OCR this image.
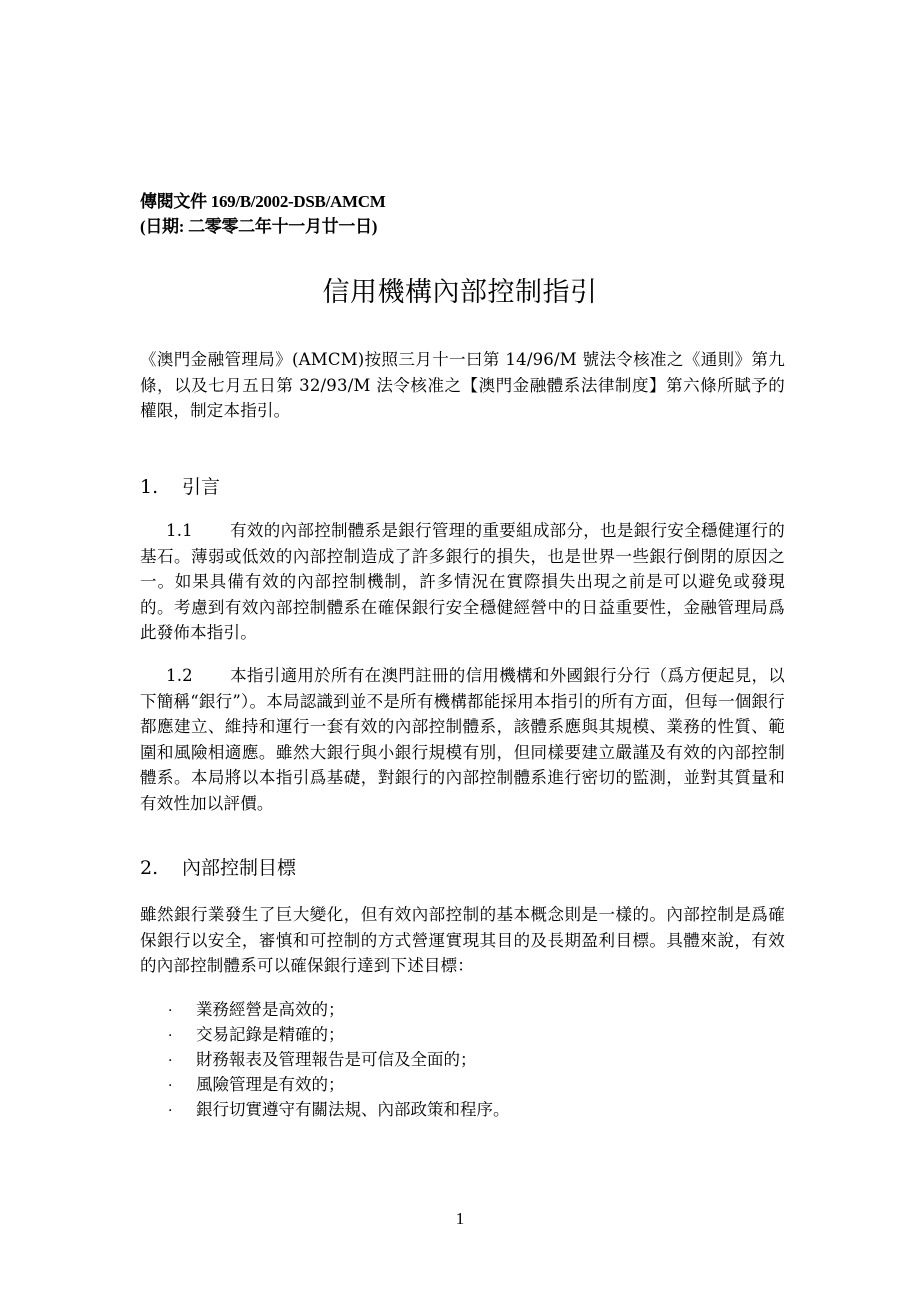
傳閱文件 169/B/2002-DSB/AMCM
(日期: 二零零二年十一月廿一日)
信用機構內部控制指引
《澳門金融管理局》(AMCM)按照三月十一曰第 14/96/M 號法令核准之《通則》第九條，以及七月五日第 32/93/M 法令核准之【澳門金融體系法律制度】第六條所賦予的權限，制定本指引。
1. 引言
1.1 有效的內部控制體系是銀行管理的重要組成部分，也是銀行安全穩健運行的基石。薄弱或低效的內部控制造成了許多銀行的損失，也是世界一些銀行倒閉的原因之一。如果具備有效的內部控制機制，許多情況在實際損失出現之前是可以避免或發現的。考慮到有效內部控制體系在確保銀行安全穩健經營中的日益重要性，金融管理局爲此發佈本指引。
1.2 本指引適用於所有在澳門註冊的信用機構和外國銀行分行（爲方便起見，以下簡稱“銀行”）。本局認識到並不是所有機構都能採用本指引的所有方面，但每一個銀行都應建立、維持和運行一套有效的內部控制體系，該體系應與其規模、業務的性質、範圍和風險相適應。雖然大銀行與小銀行規模有別，但同樣要建立嚴謹及有效的內部控制體系。本局將以本指引爲基礎，對銀行的內部控制體系進行密切的監測，並對其質量和有效性加以評價。
2. 內部控制目標
雖然銀行業發生了巨大變化，但有效內部控制的基本概念則是一樣的。內部控制是爲確保銀行以安全，審慎和可控制的方式營運實現其目的及長期盈利目標。具體來說，有效的內部控制體系可以確保銀行達到下述目標：
·	業務經營是高效的；
·	交易記錄是精確的；
·	財務報表及管理報告是可信及全面的；
·	風險管理是有效的；
·	銀行切實遵守有關法規、內部政策和程序。
1
